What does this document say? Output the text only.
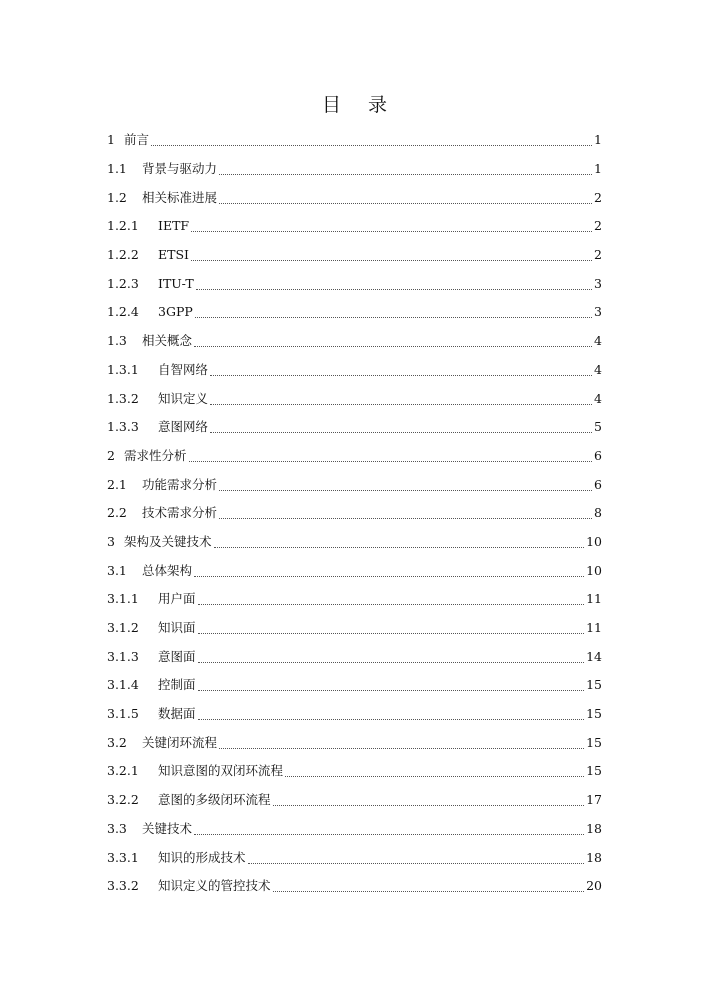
目 录
1 前言	1
1.1	背景与驱动力	1
1.2	相关标准进展	2
1.2.1	IETF	2
1.2.2	ETSI	2
1.2.3	ITU-T	3
1.2.4	3GPP	3
1.3	相关概念	4
1.3.1	自智网络	4
1.3.2	知识定义	4
1.3.3	意图网络	5
2 需求性分析	6
2.1	功能需求分析	6
2.2	技术需求分析	8
3 架构及关键技术	10
3.1	总体架构	10
3.1.1	用户面	11
3.1.2	知识面	11
3.1.3	意图面	14
3.1.4	控制面	15
3.1.5	数据面	15
3.2	关键闭环流程	15
3.2.1	知识意图的双闭环流程	15
3.2.2	意图的多级闭环流程	17
3.3	关键技术	18
3.3.1	知识的形成技术	18
3.3.2	知识定义的管控技术	20
